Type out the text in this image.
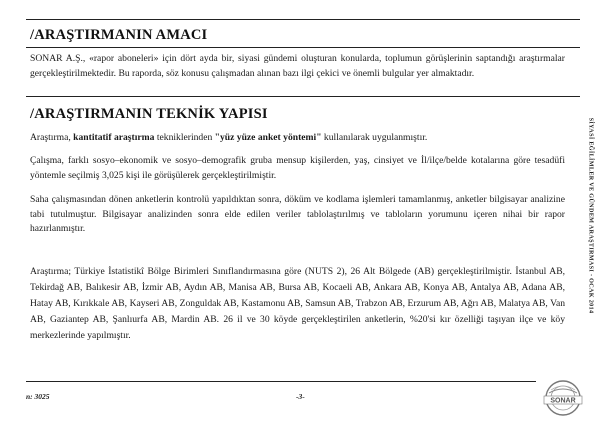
/ARAŞTIRMANIN AMACI
SONAR A.Ş., «rapor aboneleri» için dört ayda bir, siyasi gündemi oluşturan konularda, toplumun görüşlerinin saptandığı araştırmalar gerçekleştirilmektedir. Bu raporda, söz konusu çalışmadan alınan bazı ilgi çekici ve önemli bulgular yer almaktadır.
/ARAŞTIRMANIN TEKNİK YAPISI
Araştırma, kantitatif araştırma tekniklerinden "yüz yüze anket yöntemi" kullanılarak uygulanmıştır.
Çalışma, farklı sosyo–ekonomik ve sosyo–demografik gruba mensup kişilerden, yaş, cinsiyet ve İl/ilçe/belde kotalarına göre tesadüfi yöntemle seçilmiş 3,025 kişi ile görüşülerek gerçekleştirilmiştir.
Saha çalışmasından dönen anketlerin kontrolü yapıldıktan sonra, döküm ve kodlama işlemleri tamamlanmış, anketler bilgisayar analizine tabi tutulmuştur. Bilgisayar analizinden sonra elde edilen veriler tablolaştırılmış ve tabloların yorumunu içeren nihai bir rapor hazırlanmıştır.
Araştırma; Türkiye İstatistikî Bölge Birimleri Sınıflandırmasına göre (NUTS 2), 26 Alt Bölgede (AB) gerçekleştirilmiştir. İstanbul AB, Tekirdağ AB, Balıkesir AB, İzmir AB, Aydın AB, Manisa AB, Bursa AB, Kocaeli AB, Ankara AB, Konya AB, Antalya AB, Adana AB, Hatay AB, Kırıkkale AB, Kayseri AB, Zonguldak AB, Kastamonu AB, Samsun AB, Trabzon AB, Erzurum AB, Ağrı AB, Malatya AB, Van AB, Gaziantep AB, Şanlıurfa AB, Mardin AB. 26 il ve 30 köyde gerçekleştirilen anketlerin, %20'si kır özelliği taşıyan ilçe ve köy merkezlerinde yapılmıştır.
SİYASİ EĞİLİMLER VE GÜNDEM ARAŞTIRMASI - OCAK 2014
n: 3025	-3-
SONAR
